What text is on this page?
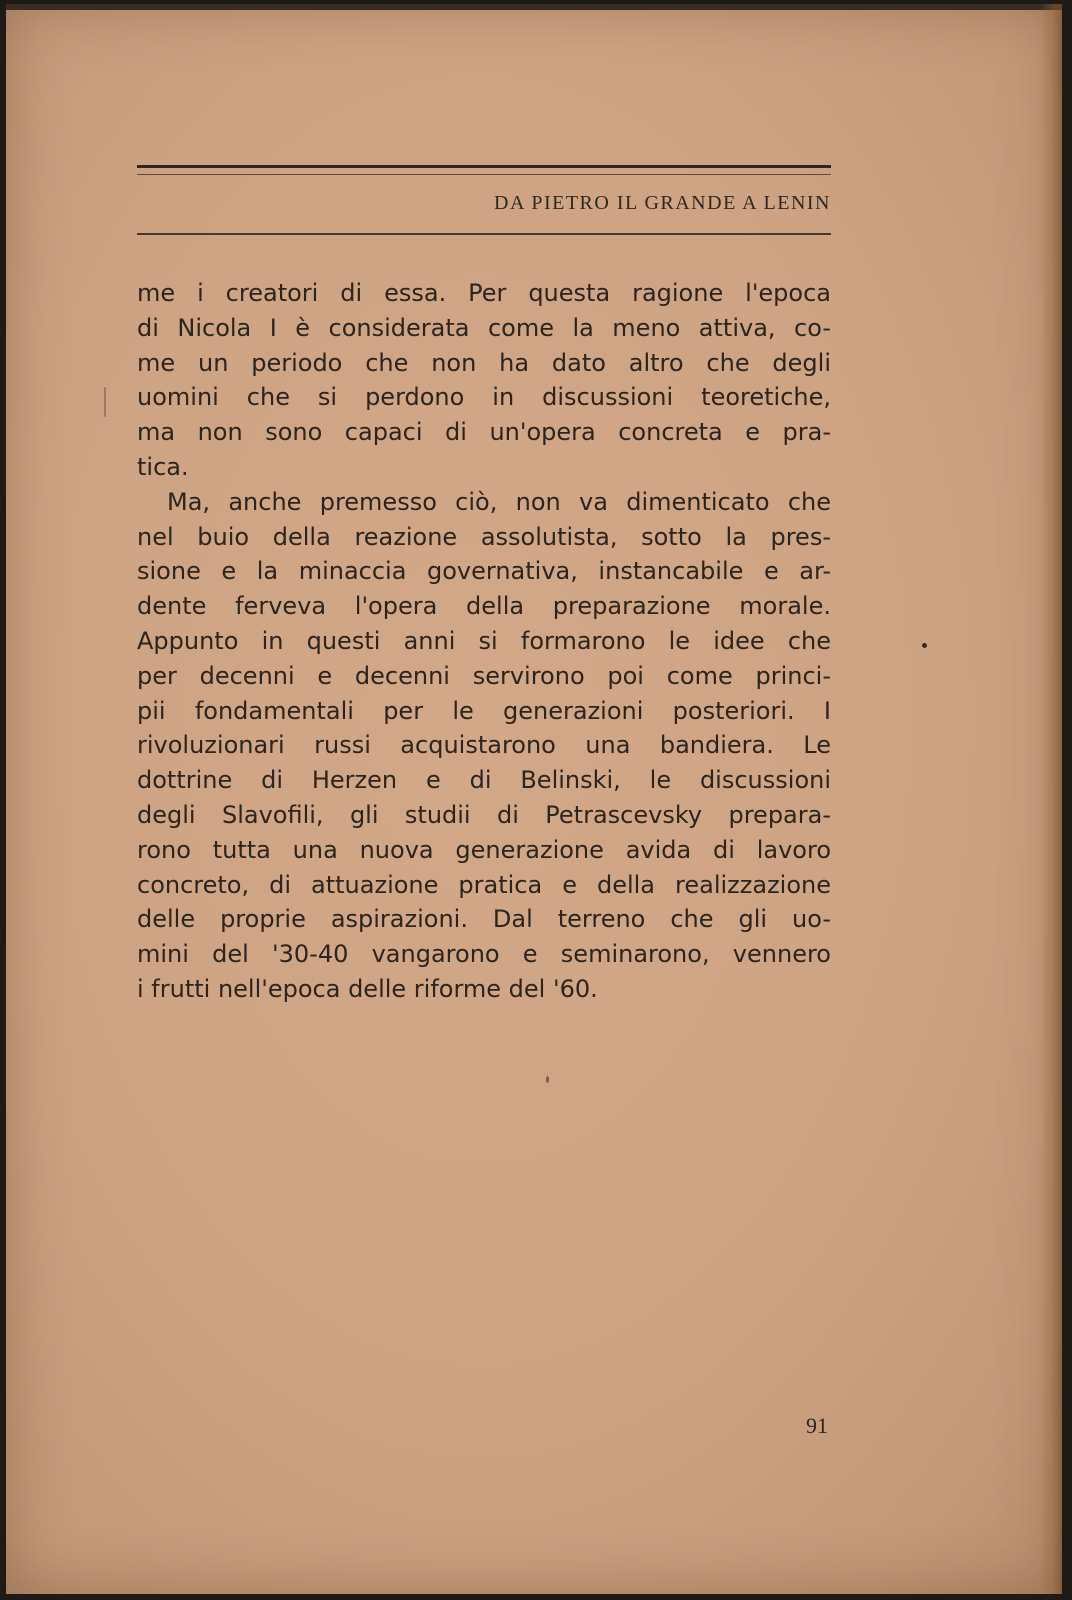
DA PIETRO IL GRANDE A LENIN
me i creatori di essa. Per questa ragione l'epoca
di Nicola I è considerata come la meno attiva, co-
me un periodo che non ha dato altro che degli
uomini che si perdono in discussioni teoretiche,
ma non sono capaci di un'opera concreta e pra-
tica.
Ma, anche premesso ciò, non va dimenticato che
nel buio della reazione assolutista, sotto la pres-
sione e la minaccia governativa, instancabile e ar-
dente ferveva l'opera della preparazione morale.
Appunto in questi anni si formarono le idee che
per decenni e decenni servirono poi come princi-
pii fondamentali per le generazioni posteriori. I
rivoluzionari russi acquistarono una bandiera. Le
dottrine di Herzen e di Belinski, le discussioni
degli Slavofili, gli studii di Petrascevsky prepara-
rono tutta una nuova generazione avida di lavoro
concreto, di attuazione pratica e della realizzazione
delle proprie aspirazioni. Dal terreno che gli uo-
mini del '30-40 vangarono e seminarono, vennero
i frutti nell'epoca delle riforme del '60.
91
